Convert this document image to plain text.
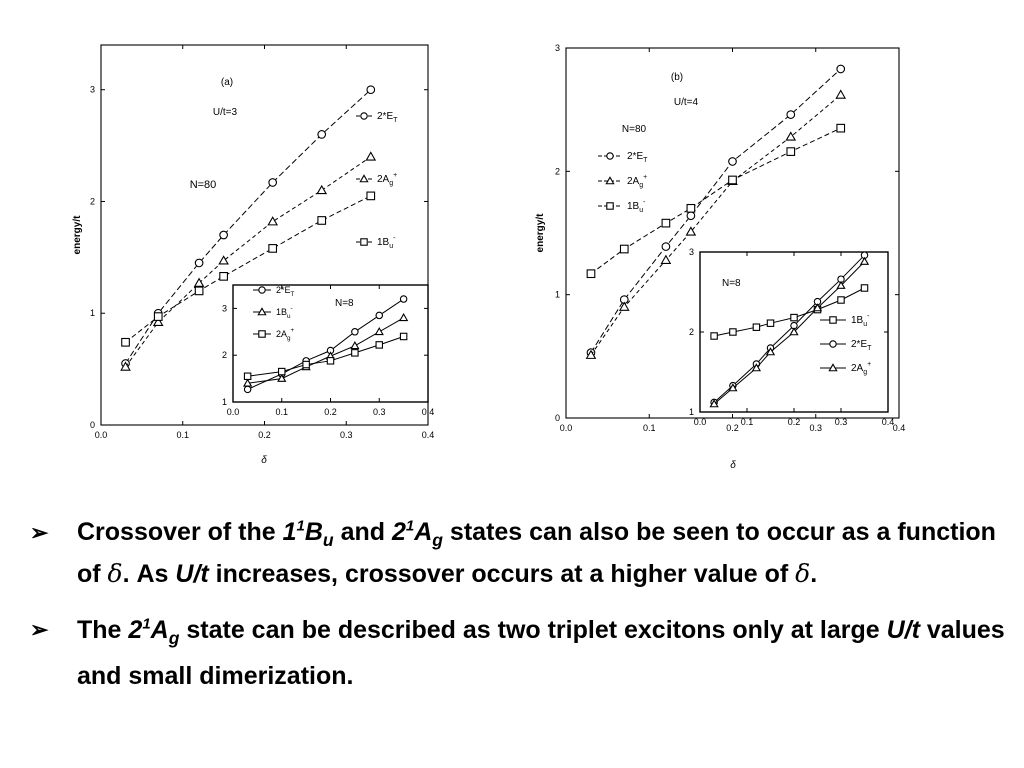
0.0	0.1	0.2	0.3	0.4
0
1
2
3
(a)
U/t=3
N=80
δ
energy/t
$2*E_T$
$2A_g^+$
$1B_u^-$
0.0	0.1	0.2	0.3	0.4
1
2
3	N=8
$2*E_T$
$1B_u^-$
$2A_g^+$
0.0	0.1	0.2	0.3	0.4
0
1
2
3
(b)
U/t=4
N=80
δ
energy/t
$2*E_T$
$2A_g^+$
$1B_u^-$
0.0	0.1	0.2	0.3	0.4
1
2
3
N=8
$1B_u^-$
$2*E_T$
$2A_g^+$
➢ Crossover of the $1^1B_u$ and $2^1A_g$ states can also be seen to occur as a function of δ. As U/t increases, crossover occurs at a higher value of δ.
➢ The $2^1A_g$ state can be described as two triplet excitons only at large U/t values and small dimerization.
